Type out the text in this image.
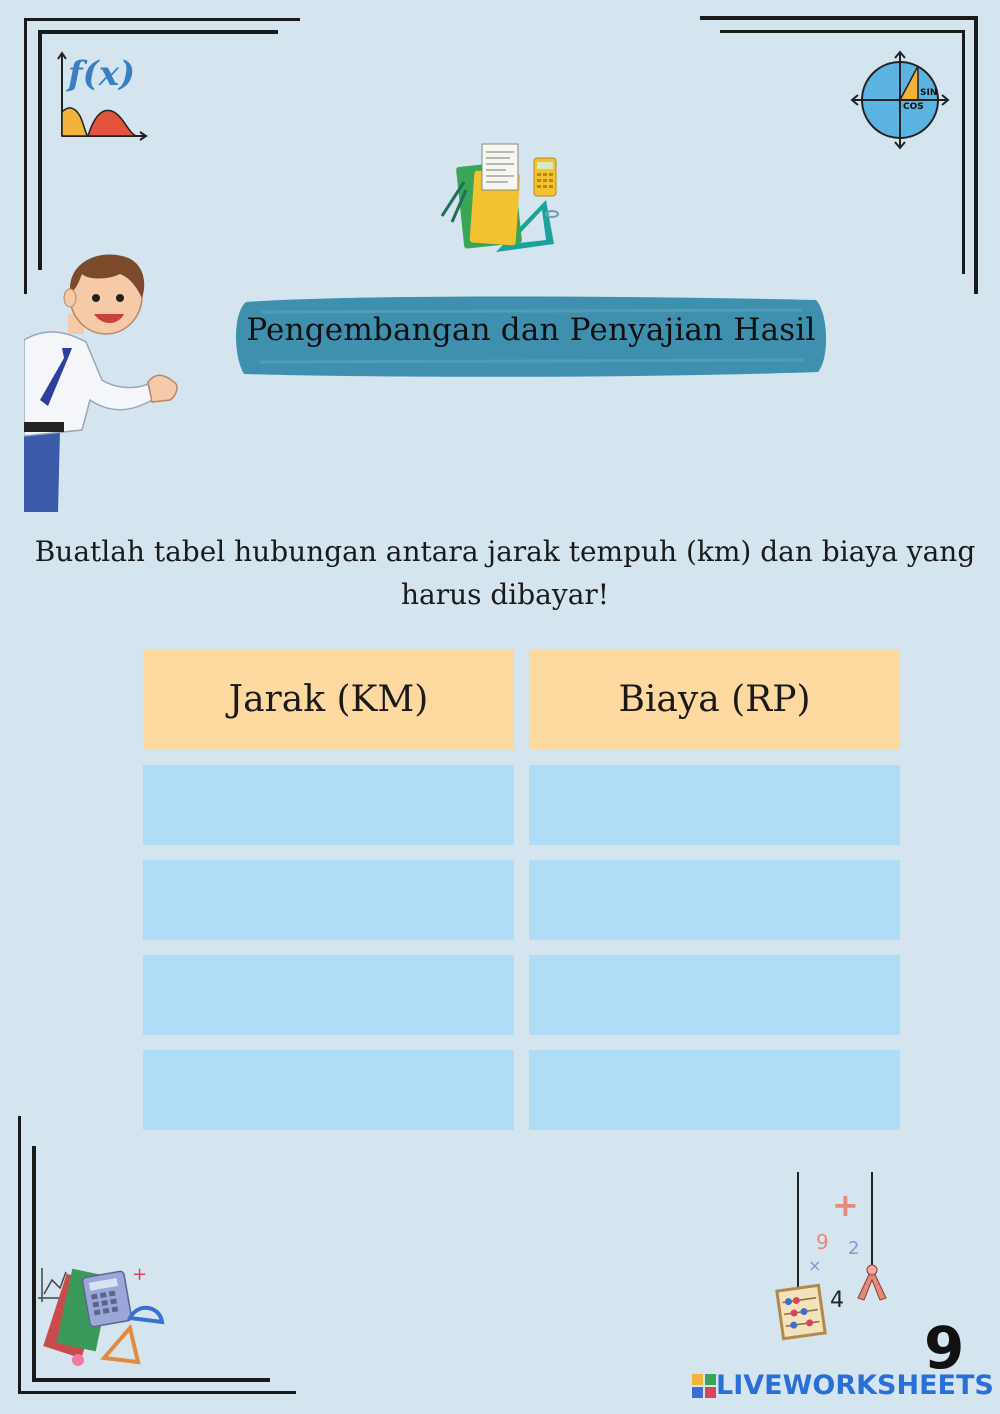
f(x)	SIN
COS
Pengembangan dan Penyajian Hasil
Buatlah tabel hubungan antara jarak tempuh (km) dan biaya yang harus dibayar!
Jarak (KM)	Biaya (RP)
+
+
9 2
×
4
9
LIVEWORKSHEETS
